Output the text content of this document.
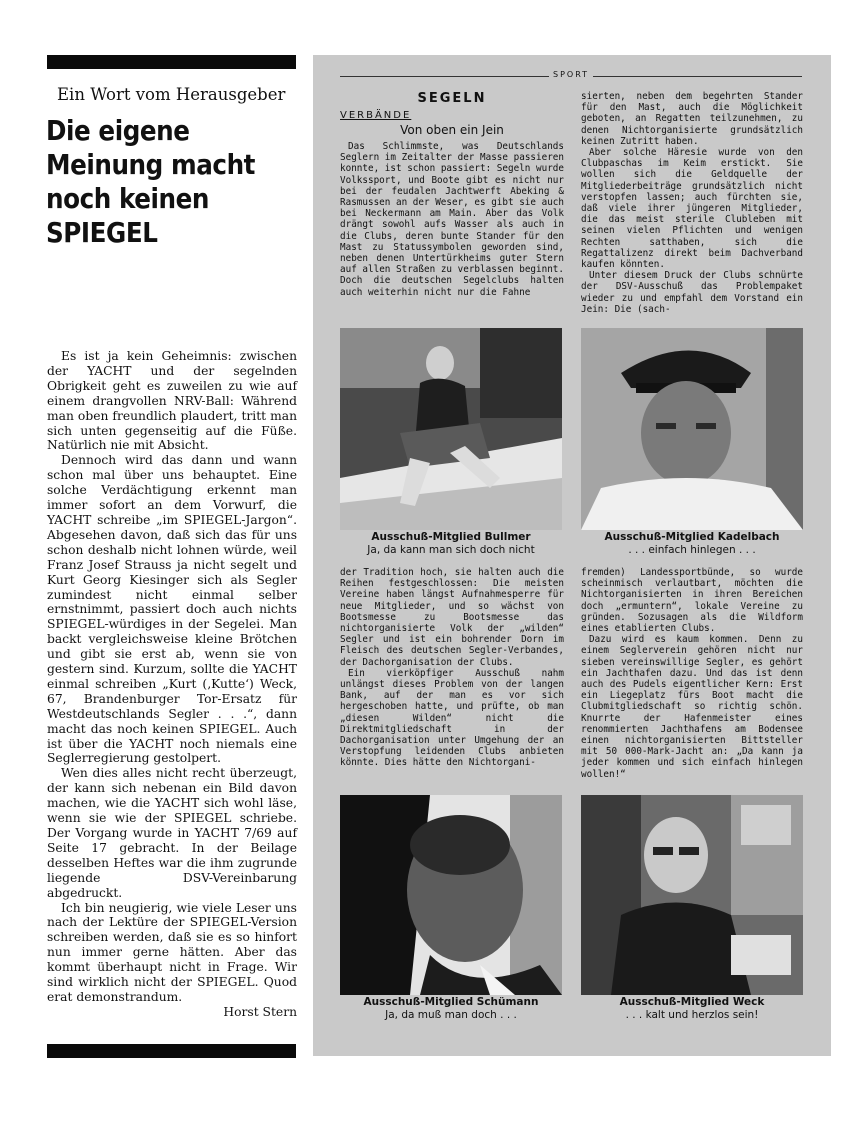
Ein Wort vom Herausgeber
Die eigene
Meinung macht
noch keinen
SPIEGEL

Es ist ja kein Geheimnis: zwischen der YACHT und der segelnden Obrigkeit geht es zuweilen zu wie auf einem drangvollen NRV-Ball: Während man oben freundlich plaudert, tritt man sich unten gegenseitig auf die Füße. Natürlich nie mit Absicht.

Dennoch wird das dann und wann schon mal über uns behauptet. Eine solche Verdächtigung erkennt man immer sofort an dem Vorwurf, die YACHT schreibe „im SPIEGEL-Jargon“. Abgesehen davon, daß sich das für uns schon deshalb nicht lohnen würde, weil Franz Josef Strauss ja nicht segelt und Kurt Georg Kiesinger sich als Segler zumindest nicht einmal selber ernstnimmt, passiert doch auch nichts SPIEGEL-würdiges in der Segelei. Man backt vergleichsweise kleine Brötchen und gibt sie erst ab, wenn sie von gestern sind. Kurzum, sollte die YACHT einmal schreiben „Kurt (‚Kutte‘) Weck, 67, Brandenburger Tor-Ersatz für Westdeutschlands Segler . . .“, dann macht das noch keinen SPIEGEL. Auch ist über die YACHT noch niemals eine Seglerregierung gestolpert.

Wen dies alles nicht recht überzeugt, der kann sich nebenan ein Bild davon machen, wie die YACHT sich wohl läse, wenn sie wie der SPIEGEL schriebe. Der Vorgang wurde in YACHT 7/69 auf Seite 17 gebracht. In der Beilage desselben Heftes war die ihm zugrunde liegende DSV-Vereinbarung abgedruckt.

Ich bin neugierig, wie viele Leser uns nach der Lektüre der SPIEGEL-Version schreiben werden, daß sie es so hinfort nun immer gerne hätten. Aber das kommt überhaupt nicht in Frage. Wir sind wirklich nicht der SPIEGEL. Quod erat demonstrandum.

Horst Stern

SPORT

SEGELN

VERBÄNDE

Von oben ein Jein

Das Schlimmste, was Deutschlands Seglern im Zeitalter der Masse passieren konnte, ist schon passiert: Segeln wurde Volkssport, und Boote gibt es nicht nur bei der feudalen Jachtwerft Abeking & Rasmussen an der Weser, es gibt sie auch bei Neckermann am Main. Aber das Volk drängt sowohl aufs Wasser als auch in die Clubs, deren bunte Stander für den Mast zu Statussymbolen geworden sind, neben denen Untertürkheims guter Stern auf allen Straßen zu verblassen beginnt. Doch die deutschen Segelclubs halten auch weiterhin nicht nur die Fahne

sierten, neben dem begehrten Stander für den Mast, auch die Möglichkeit geboten, an Regatten teilzunehmen, zu denen Nichtorganisierte grundsätzlich keinen Zutritt haben.

Aber solche Häresie wurde von den Clubpaschas im Keim erstickt. Sie wollen sich die Geldquelle der Mitgliederbeiträge grundsätzlich nicht verstopfen lassen; auch fürchten sie, daß viele ihrer jüngeren Mitglieder, die das meist sterile Clubleben mit seinen vielen Pflichten und wenigen Rechten satthaben, sich die Regattalizenz direkt beim Dachverband kaufen könnten.

Unter diesem Druck der Clubs schnürte der DSV-Ausschuß das Problempaket wieder zu und empfahl dem Vorstand ein Jein: Die (sach-

Ausschuß-Mitglied Bullmer
Ja, da kann man sich doch nicht
Ausschuß-Mitglied Kadelbach
. . . einfach hinlegen . . .

der Tradition hoch, sie halten auch die Reihen festgeschlossen: Die meisten Vereine haben längst Aufnahmesperre für neue Mitglieder, und so wächst von Bootsmesse zu Bootsmesse das nichtorganisierte Volk der „wilden“ Segler und ist ein bohrender Dorn im Fleisch des deutschen Segler-Verbandes, der Dachorganisation der Clubs.

Ein vierköpfiger Ausschuß nahm unlängst dieses Problem von der langen Bank, auf der man es vor sich hergeschoben hatte, und prüfte, ob man „diesen Wilden“ nicht die Direktmitgliedschaft in der Dachorganisation unter Umgehung der an Verstopfung leidenden Clubs anbieten könnte. Dies hätte den Nichtorgani-

fremden) Landessportbünde, so wurde scheinmisch verlautbart, möchten die Nichtorganisierten in ihren Bereichen doch „ermuntern“, lokale Vereine zu gründen. Sozusagen als die Wildform eines etablierten Clubs.

Dazu wird es kaum kommen. Denn zu einem Seglerverein gehören nicht nur sieben vereinswillige Segler, es gehört ein Jachthafen dazu. Und das ist denn auch des Pudels eigentlicher Kern: Erst ein Liegeplatz fürs Boot macht die Clubmitgliedschaft so richtig schön. Knurrte der Hafenmeister eines renommierten Jachthafens am Bodensee einen nichtorganisierten Bittsteller mit 50 000-Mark-Jacht an: „Da kann ja jeder kommen und sich einfach hinlegen wollen!“

Ausschuß-Mitglied Schümann
Ja, da muß man doch . . .
Ausschuß-Mitglied Weck
. . . kalt und herzlos sein!
